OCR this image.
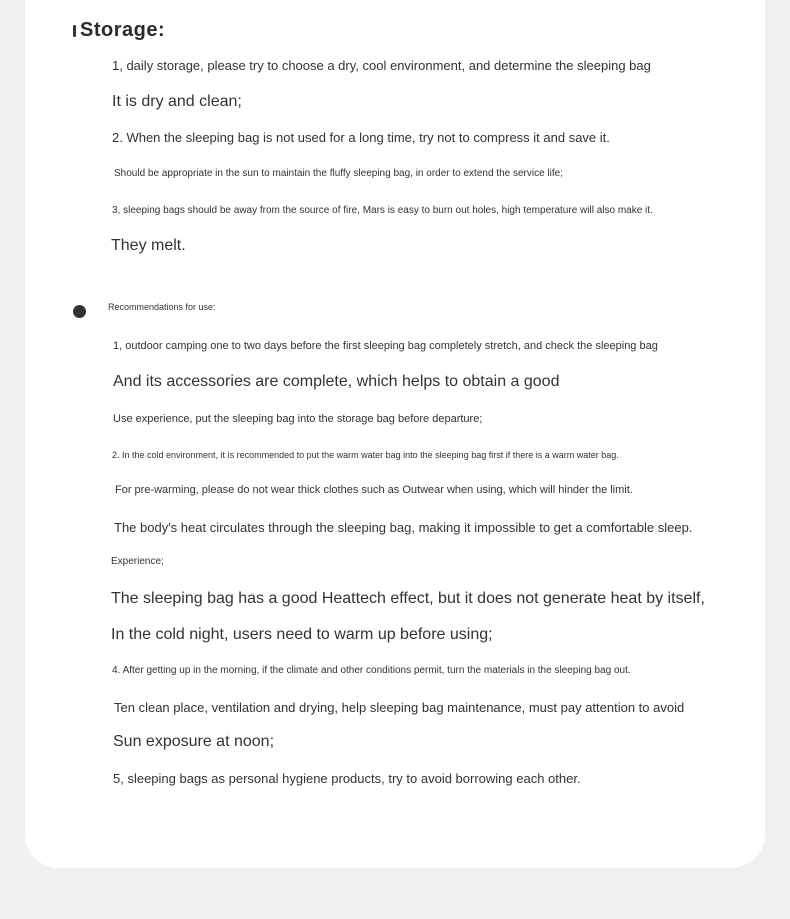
Storage:

1, daily storage, please try to choose a dry, cool environment, and determine the sleeping bag

It is dry and clean;

2. When the sleeping bag is not used for a long time, try not to compress it and save it.

Should be appropriate in the sun to maintain the fluffy sleeping bag, in order to extend the service life;

3, sleeping bags should be away from the source of fire, Mars is easy to burn out holes, high temperature will also make it.

They melt.

Recommendations for use:

1, outdoor camping one to two days before the first sleeping bag completely stretch, and check the sleeping bag

And its accessories are complete, which helps to obtain a good

Use experience, put the sleeping bag into the storage bag before departure;

2. In the cold environment, it is recommended to put the warm water bag into the sleeping bag first if there is a warm water bag.

For pre-warming, please do not wear thick clothes such as Outwear when using, which will hinder the limit.

The body's heat circulates through the sleeping bag, making it impossible to get a comfortable sleep.

Experience;

The sleeping bag has a good Heattech effect, but it does not generate heat by itself,

In the cold night, users need to warm up before using;

4. After getting up in the morning, if the climate and other conditions permit, turn the materials in the sleeping bag out.

Ten clean place, ventilation and drying, help sleeping bag maintenance, must pay attention to avoid

Sun exposure at noon;

5, sleeping bags as personal hygiene products, try to avoid borrowing each other.
